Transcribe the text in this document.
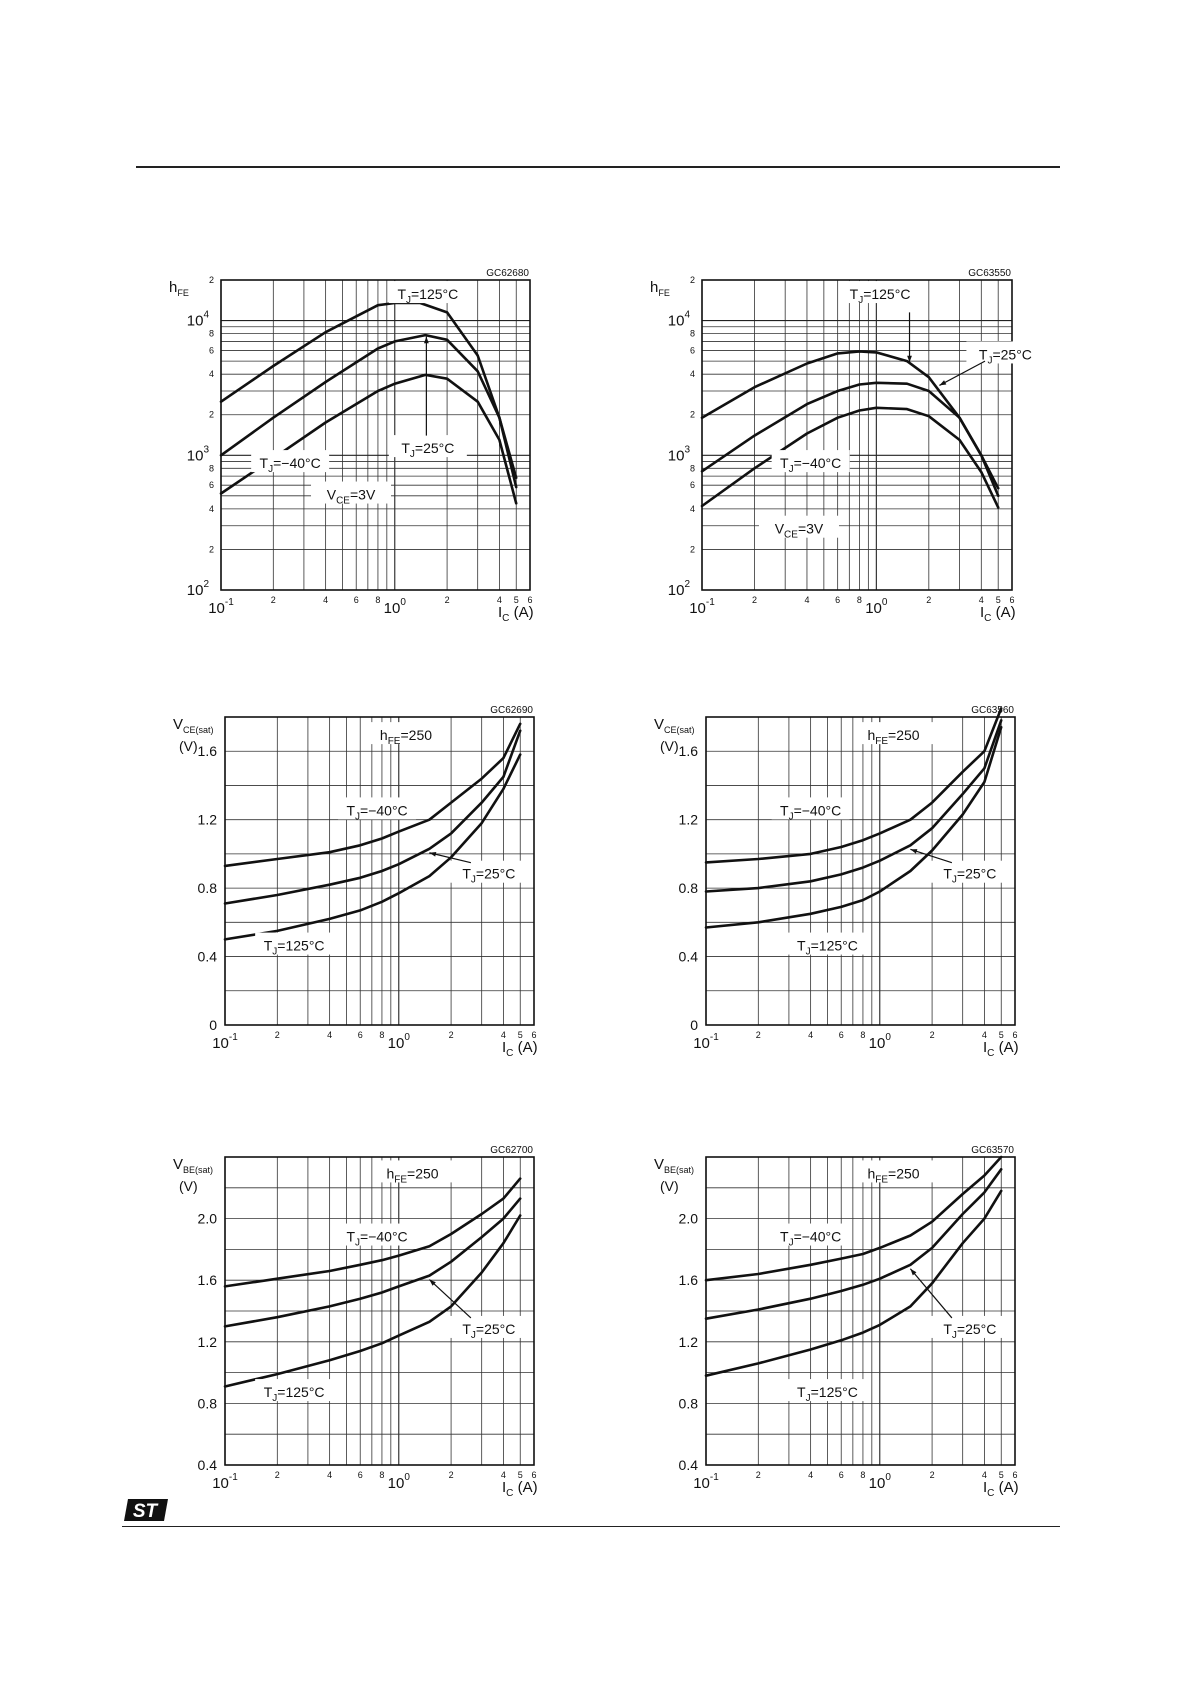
GC62680
$h_{FE}$
$10^2$
2
4
6
8
$10^3$
2
4
6
8
$10^4$
2
$10^{-1}$	2	4	6 8 $10^0$	2	4 5 6
$I_C$ (A)
$T_J=125^\circ C$
$T_J=25^\circ C$
$T_J=-40^\circ C$
$V_{CE}=3V$
GC63550
$h_{FE}$
$10^2$
2
4
6
8
$10^3$
2
4
6
8
$10^4$
2
$10^{-1}$	2	4	6 8 $10^0$	2	4 5 6
$I_C$ (A)
$T_J=125^\circ C$
$T_J=25^\circ C$
$T_J=-40^\circ C$
$V_{CE}=3V$
GC62690
$V_{CE(sat)}$
(V)
0
0.4
0.8
1.2
1.6
$10^{-1}$	2	4	6 8 $10^0$	2	4 5 6
$I_C$ (A)
$h_{FE}=250$
$T_J=-40^\circ C$
$T_J=25^\circ C$
$T_J=125^\circ C$
GC63560
$V_{CE(sat)}$
(V)
0
0.4
0.8
1.2
1.6
$10^{-1}$	2	4	6 8 $10^0$	2	4 5 6
$I_C$ (A)
$h_{FE}=250$
$T_J=-40^\circ C$
$T_J=25^\circ C$
$T_J=125^\circ C$
GC62700
$V_{BE(sat)}$
(V)
0.4
0.8
1.2
1.6
2.0
$10^{-1}$	2	4	6 8 $10^0$	2	4 5 6
$I_C$ (A)
$h_{FE}=250$
$T_J=-40^\circ C$
$T_J=25^\circ C$
$T_J=125^\circ C$
GC63570
$V_{BE(sat)}$
(V)
0.4
0.8
1.2
1.6
2.0
$10^{-1}$	2	4	6 8 $10^0$	2	4 5 6
$I_C$ (A)
$h_{FE}=250$
$T_J=-40^\circ C$
$T_J=25^\circ C$
$T_J=125^\circ C$
ST
